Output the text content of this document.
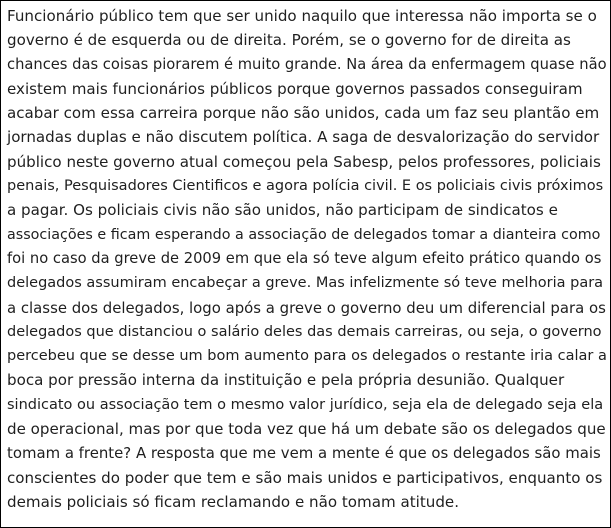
Funcionário público tem que ser unido naquilo que interessa não importa se o
governo é de esquerda ou de direita. Porém, se o governo for de direita as
chances das coisas piorarem é muito grande. Na área da enfermagem quase não
existem mais funcionários públicos porque governos passados conseguiram
acabar com essa carreira porque não são unidos, cada um faz seu plantão em
jornadas duplas e não discutem política. A saga de desvalorização do servidor
público neste governo atual começou pela Sabesp, pelos professores, policiais
penais, Pesquisadores Cientificos e agora polícia civil. E os policiais civis próximos
a pagar. Os policiais civis não são unidos, não participam de sindicatos e
associações e ficam esperando a associação de delegados tomar a dianteira como
foi no caso da greve de 2009 em que ela só teve algum efeito prático quando os
delegados assumiram encabeçar a greve. Mas infelizmente só teve melhoria para
a classe dos delegados, logo após a greve o governo deu um diferencial para os
delegados que distanciou o salário deles das demais carreiras, ou seja, o governo
percebeu que se desse um bom aumento para os delegados o restante iria calar a
boca por pressão interna da instituição e pela própria desunião. Qualquer
sindicato ou associação tem o mesmo valor jurídico, seja ela de delegado seja ela
de operacional, mas por que toda vez que há um debate são os delegados que
tomam a frente? A resposta que me vem a mente é que os delegados são mais
conscientes do poder que tem e são mais unidos e participativos, enquanto os
demais policiais só ficam reclamando e não tomam atitude.
